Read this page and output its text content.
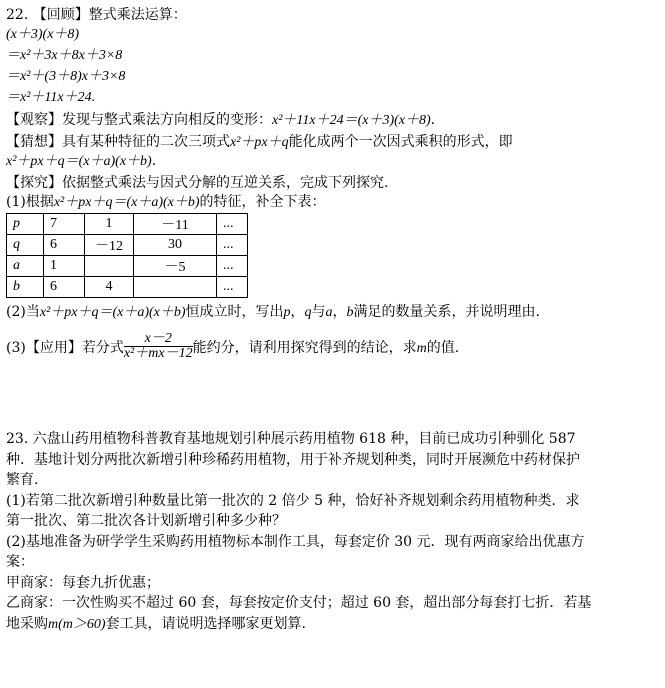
22. 【回顾】整式乘法运算：
(x＋3)(x＋8)
＝x²＋3x＋8x＋3×8
＝x²＋(3＋8)x＋3×8
＝x²＋11x＋24.
【观察】发现与整式乘法方向相反的变形：x²＋11x＋24＝(x＋3)(x＋8).
【猜想】具有某种特征的二次三项式x²＋px＋q能化成两个一次因式乘积的形式，即
x²＋px＋q＝(x＋a)(x＋b).
【探究】依据整式乘法与因式分解的互逆关系，完成下列探究.
(1)根据x²＋px＋q＝(x＋a)(x＋b)的特征，补全下表：
p	7	1	－11	...
q	6	－12	30	...
a	1		－5	...
b	6	4		...
(2)当x²＋px＋q＝(x＋a)(x＋b)恒成立时，写出p，q与a，b满足的数量关系，并说明理由.
(3)【应用】若分式 $\frac{x-2}{\text{x²＋mx－12}}$ 能约分，请利用探究得到的结论，求m的值.
23. 六盘山药用植物科普教育基地规划引种展示药用植物 618 种，目前已成功引种驯化 587
种．基地计划分两批次新增引种珍稀药用植物，用于补齐规划种类，同时开展濒危中药材保护
繁育.
(1)若第二批次新增引种数量比第一批次的 2 倍少 5 种，恰好补齐规划剩余药用植物种类．求
第一批次、第二批次各计划新增引种多少种？
(2)基地准备为研学学生采购药用植物标本制作工具，每套定价 30 元．现有两商家给出优惠方
案：
甲商家：每套九折优惠；
乙商家：一次性购买不超过 60 套，每套按定价支付；超过 60 套，超出部分每套打七折．若基
地采购m(m＞60)套工具，请说明选择哪家更划算.
